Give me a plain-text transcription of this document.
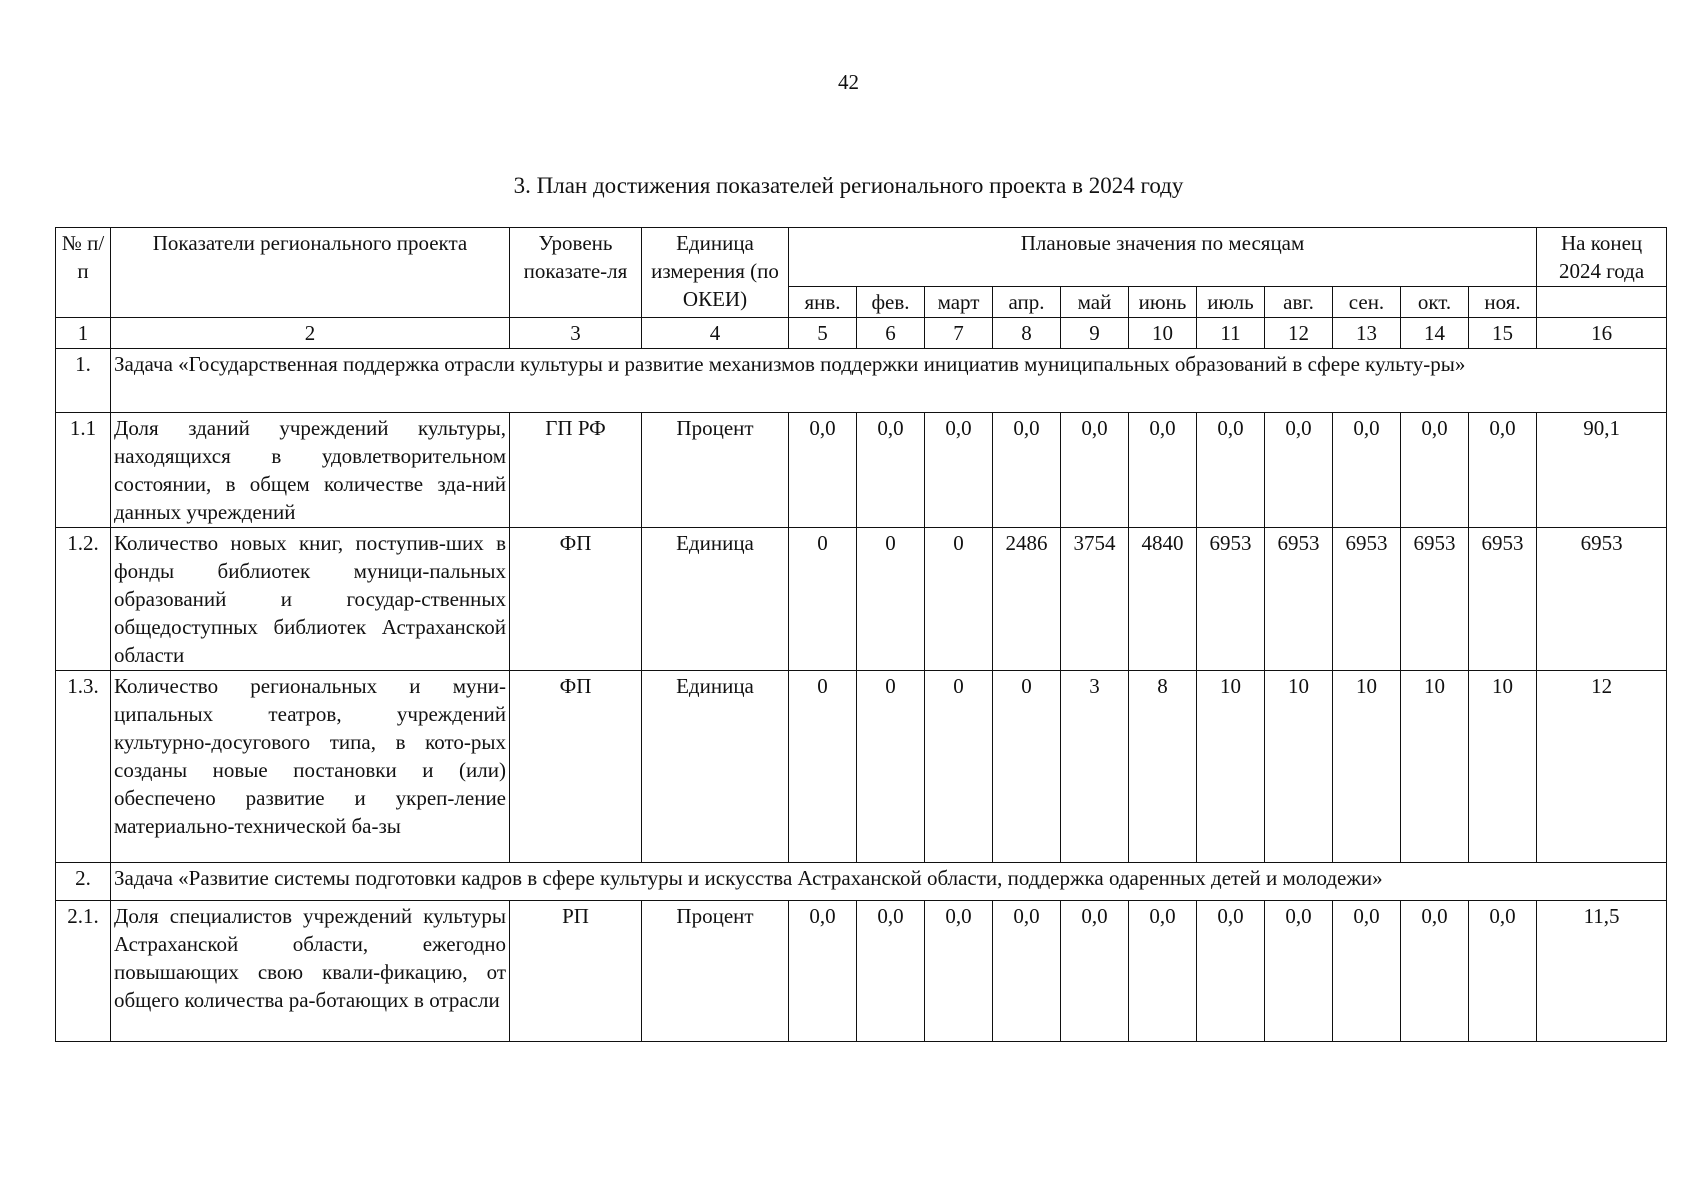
42
3. План достижения показателей регионального проекта в 2024 году
№ п/п	Показатели регионального проекта	Уровень показате-ля	Единица измерения (по ОКЕИ)	Плановые значения по месяцам											На конец 2024 года
				янв.	фев.	март	апр.	май	июнь	июль	авг.	сен.	окт.	ноя.	
1	2	3	4	5	6	7	8	9	10	11	12	13	14	15	16
1.	Задача «Государственная поддержка отрасли культуры и развитие механизмов поддержки инициатив муниципальных образований в сфере культу-ры»														
1.1	Доля зданий учреждений культуры, находящихся в удовлетворительном состоянии, в общем количестве зда-ний данных учреждений	ГП РФ	Процент	0,0	0,0	0,0	0,0	0,0	0,0	0,0	0,0	0,0	0,0	0,0	90,1
1.2.	Количество новых книг, поступив-ших в фонды библиотек муници-пальных образований и государ-ственных общедоступных библиотек Астраханской области	ФП	Единица	0	0	0	2486	3754	4840	6953	6953	6953	6953	6953	6953
1.3.	Количество региональных и муни-ципальных театров, учреждений культурно-досугового типа, в кото-рых созданы новые постановки и (или) обеспечено развитие и укреп-ление материально-технической ба-зы	ФП	Единица	0	0	0	0	3	8	10	10	10	10	10	12
2.	Задача «Развитие системы подготовки кадров в сфере культуры и искусства Астраханской области, поддержка одаренных детей и молодежи»														
2.1.	Доля специалистов учреждений культуры Астраханской области, ежегодно повышающих свою квали-фикацию, от общего количества ра-ботающих в отрасли	РП	Процент	0,0	0,0	0,0	0,0	0,0	0,0	0,0	0,0	0,0	0,0	0,0	11,5
